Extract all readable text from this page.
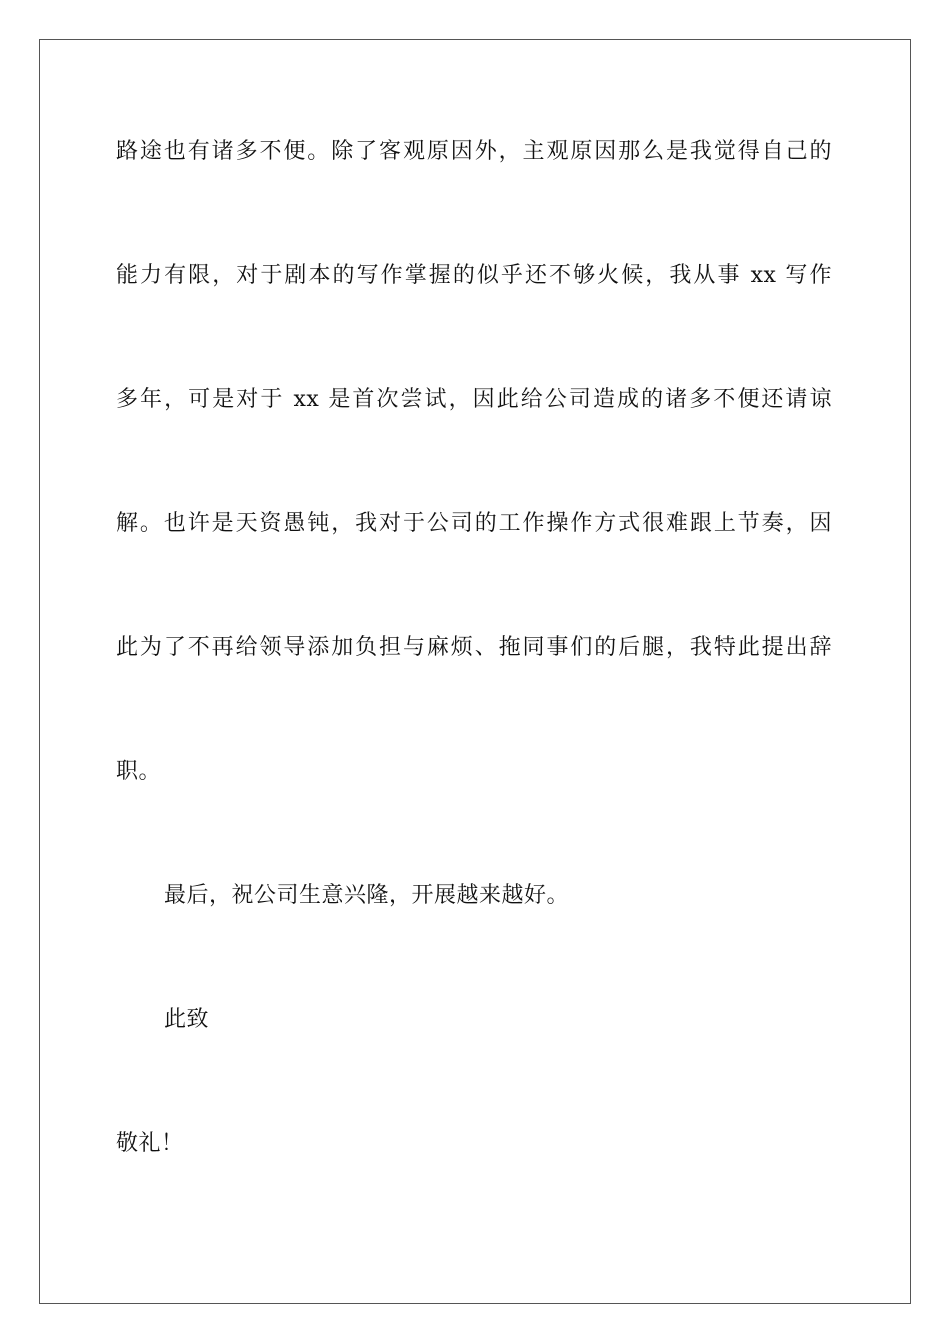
路途也有诸多不便。除了客观原因外，主观原因那么是我觉得自己的
能力有限，对于剧本的写作掌握的似乎还不够火候，我从事 xx 写作
多年，可是对于 xx 是首次尝试，因此给公司造成的诸多不便还请谅
解。也许是天资愚钝，我对于公司的工作操作方式很难跟上节奏，因
此为了不再给领导添加负担与麻烦、拖同事们的后腿，我特此提出辞
职。
最后，祝公司生意兴隆，开展越来越好。
此致
敬礼！
